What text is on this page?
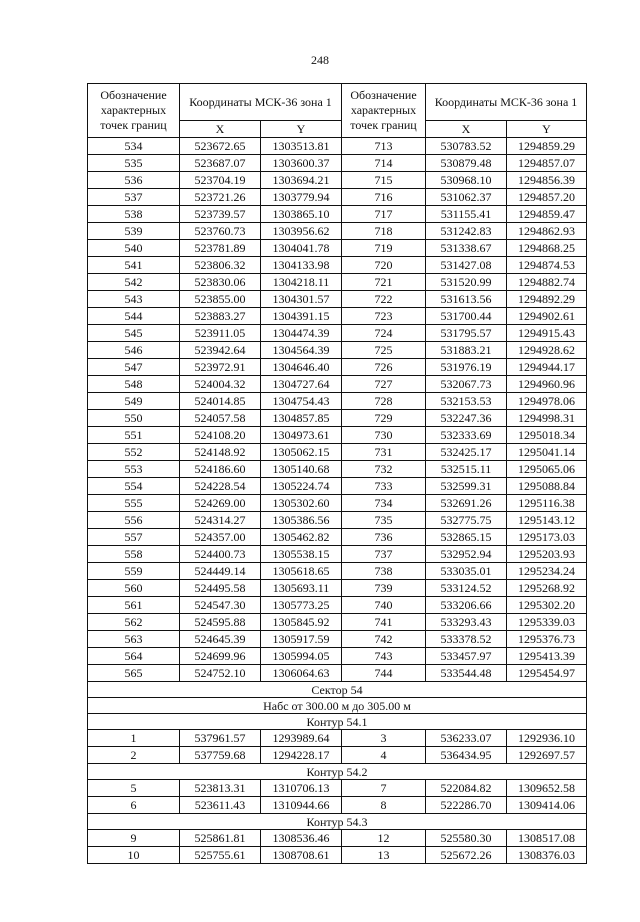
248
Обозначение характерных точек границ	Координаты МСК-36 зона 1		Обозначение характерных точек границ	Координаты МСК-36 зона 1	
	X	Y		X	Y
534	523672.65	1303513.81	713	530783.52	1294859.29
535	523687.07	1303600.37	714	530879.48	1294857.07
536	523704.19	1303694.21	715	530968.10	1294856.39
537	523721.26	1303779.94	716	531062.37	1294857.20
538	523739.57	1303865.10	717	531155.41	1294859.47
539	523760.73	1303956.62	718	531242.83	1294862.93
540	523781.89	1304041.78	719	531338.67	1294868.25
541	523806.32	1304133.98	720	531427.08	1294874.53
542	523830.06	1304218.11	721	531520.99	1294882.74
543	523855.00	1304301.57	722	531613.56	1294892.29
544	523883.27	1304391.15	723	531700.44	1294902.61
545	523911.05	1304474.39	724	531795.57	1294915.43
546	523942.64	1304564.39	725	531883.21	1294928.62
547	523972.91	1304646.40	726	531976.19	1294944.17
548	524004.32	1304727.64	727	532067.73	1294960.96
549	524014.85	1304754.43	728	532153.53	1294978.06
550	524057.58	1304857.85	729	532247.36	1294998.31
551	524108.20	1304973.61	730	532333.69	1295018.34
552	524148.92	1305062.15	731	532425.17	1295041.14
553	524186.60	1305140.68	732	532515.11	1295065.06
554	524228.54	1305224.74	733	532599.31	1295088.84
555	524269.00	1305302.60	734	532691.26	1295116.38
556	524314.27	1305386.56	735	532775.75	1295143.12
557	524357.00	1305462.82	736	532865.15	1295173.03
558	524400.73	1305538.15	737	532952.94	1295203.93
559	524449.14	1305618.65	738	533035.01	1295234.24
560	524495.58	1305693.11	739	533124.52	1295268.92
561	524547.30	1305773.25	740	533206.66	1295302.20
562	524595.88	1305845.92	741	533293.43	1295339.03
563	524645.39	1305917.59	742	533378.52	1295376.73
564	524699.96	1305994.05	743	533457.97	1295413.39
565	524752.10	1306064.63	744	533544.48	1295454.97
Сектор 54					
Набс от 300.00 м до 305.00 м					
Контур 54.1					
1	537961.57	1293989.64	3	536233.07	1292936.10
2	537759.68	1294228.17	4	536434.95	1292697.57
Контур 54.2					
5	523813.31	1310706.13	7	522084.82	1309652.58
6	523611.43	1310944.66	8	522286.70	1309414.06
Контур 54.3					
9	525861.81	1308536.46	12	525580.30	1308517.08
10	525755.61	1308708.61	13	525672.26	1308376.03
